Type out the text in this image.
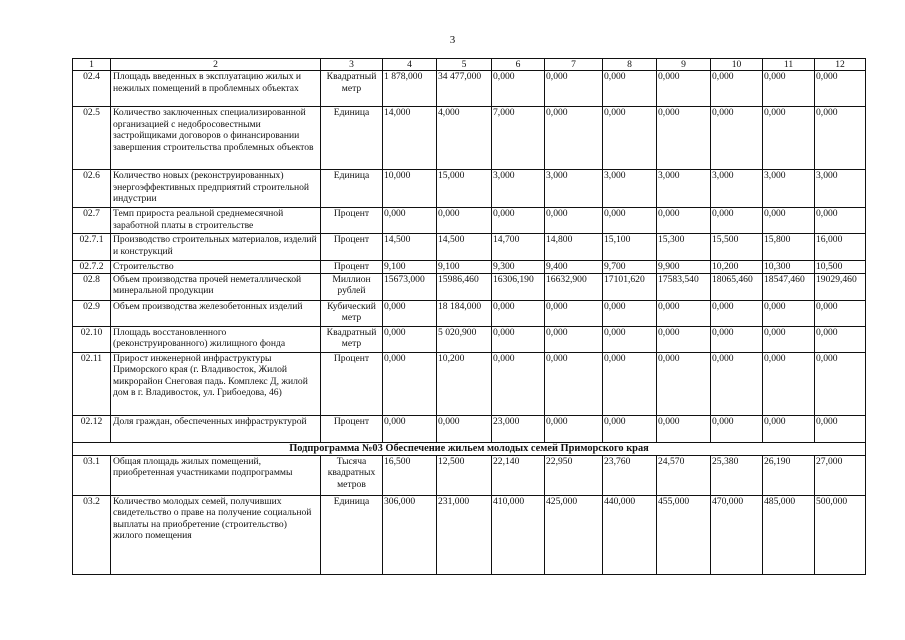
3
1	2	3	4	5	6	7	8	9	10	11	12
02.4	Площадь введенных в эксплуатацию жилых и нежилых помещений в проблемных объектах	Квадратный метр	1 878,000	34 477,000	0,000	0,000	0,000	0,000	0,000	0,000	0,000
02.5	Количество заключенных специализированной организацией с недобросовестными застройщиками договоров о финансировании завершения строительства проблемных объектов	Единица	14,000	4,000	7,000	0,000	0,000	0,000	0,000	0,000	0,000
02.6	Количество новых (реконструированных) энергоэффективных предприятий строительной индустрии	Единица	10,000	15,000	3,000	3,000	3,000	3,000	3,000	3,000	3,000
02.7	Темп прироста реальной среднемесячной заработной платы в строительстве	Процент	0,000	0,000	0,000	0,000	0,000	0,000	0,000	0,000	0,000
02.7.1	Производство строительных материалов, изделий и конструкций	Процент	14,500	14,500	14,700	14,800	15,100	15,300	15,500	15,800	16,000
02.7.2	Строительство	Процент	9,100	9,100	9,300	9,400	9,700	9,900	10,200	10,300	10,500
02.8	Объем производства прочей неметаллической минеральной продукции	Миллион рублей	15673,000	15986,460	16306,190	16632,900	17101,620	17583,540	18065,460	18547,460	19029,460
02.9	Объем производства железобетонных изделий	Кубический метр	0,000	18 184,000	0,000	0,000	0,000	0,000	0,000	0,000	0,000
02.10	Площадь восстановленного (реконструированного) жилищного фонда	Квадратный метр	0,000	5 020,900	0,000	0,000	0,000	0,000	0,000	0,000	0,000
02.11	Прирост инженерной инфраструктуры Приморского края (г. Владивосток, Жилой микрорайон Снеговая падь. Комплекс Д, жилой дом в г. Владивосток, ул. Грибоедова, 46)	Процент	0,000	10,200	0,000	0,000	0,000	0,000	0,000	0,000	0,000
02.12	Доля граждан, обеспеченных инфраструктурой	Процент	0,000	0,000	23,000	0,000	0,000	0,000	0,000	0,000	0,000
Подпрограмма №03 Обеспечение жильем молодых семей Приморского края											
03.1	Общая площадь жилых помещений, приобретенная участниками подпрограммы	Тысяча квадратных метров	16,500	12,500	22,140	22,950	23,760	24,570	25,380	26,190	27,000
03.2	Количество молодых семей, получивших свидетельство о праве на получение социальной выплаты на приобретение (строительство) жилого помещения	Единица	306,000	231,000	410,000	425,000	440,000	455,000	470,000	485,000	500,000
